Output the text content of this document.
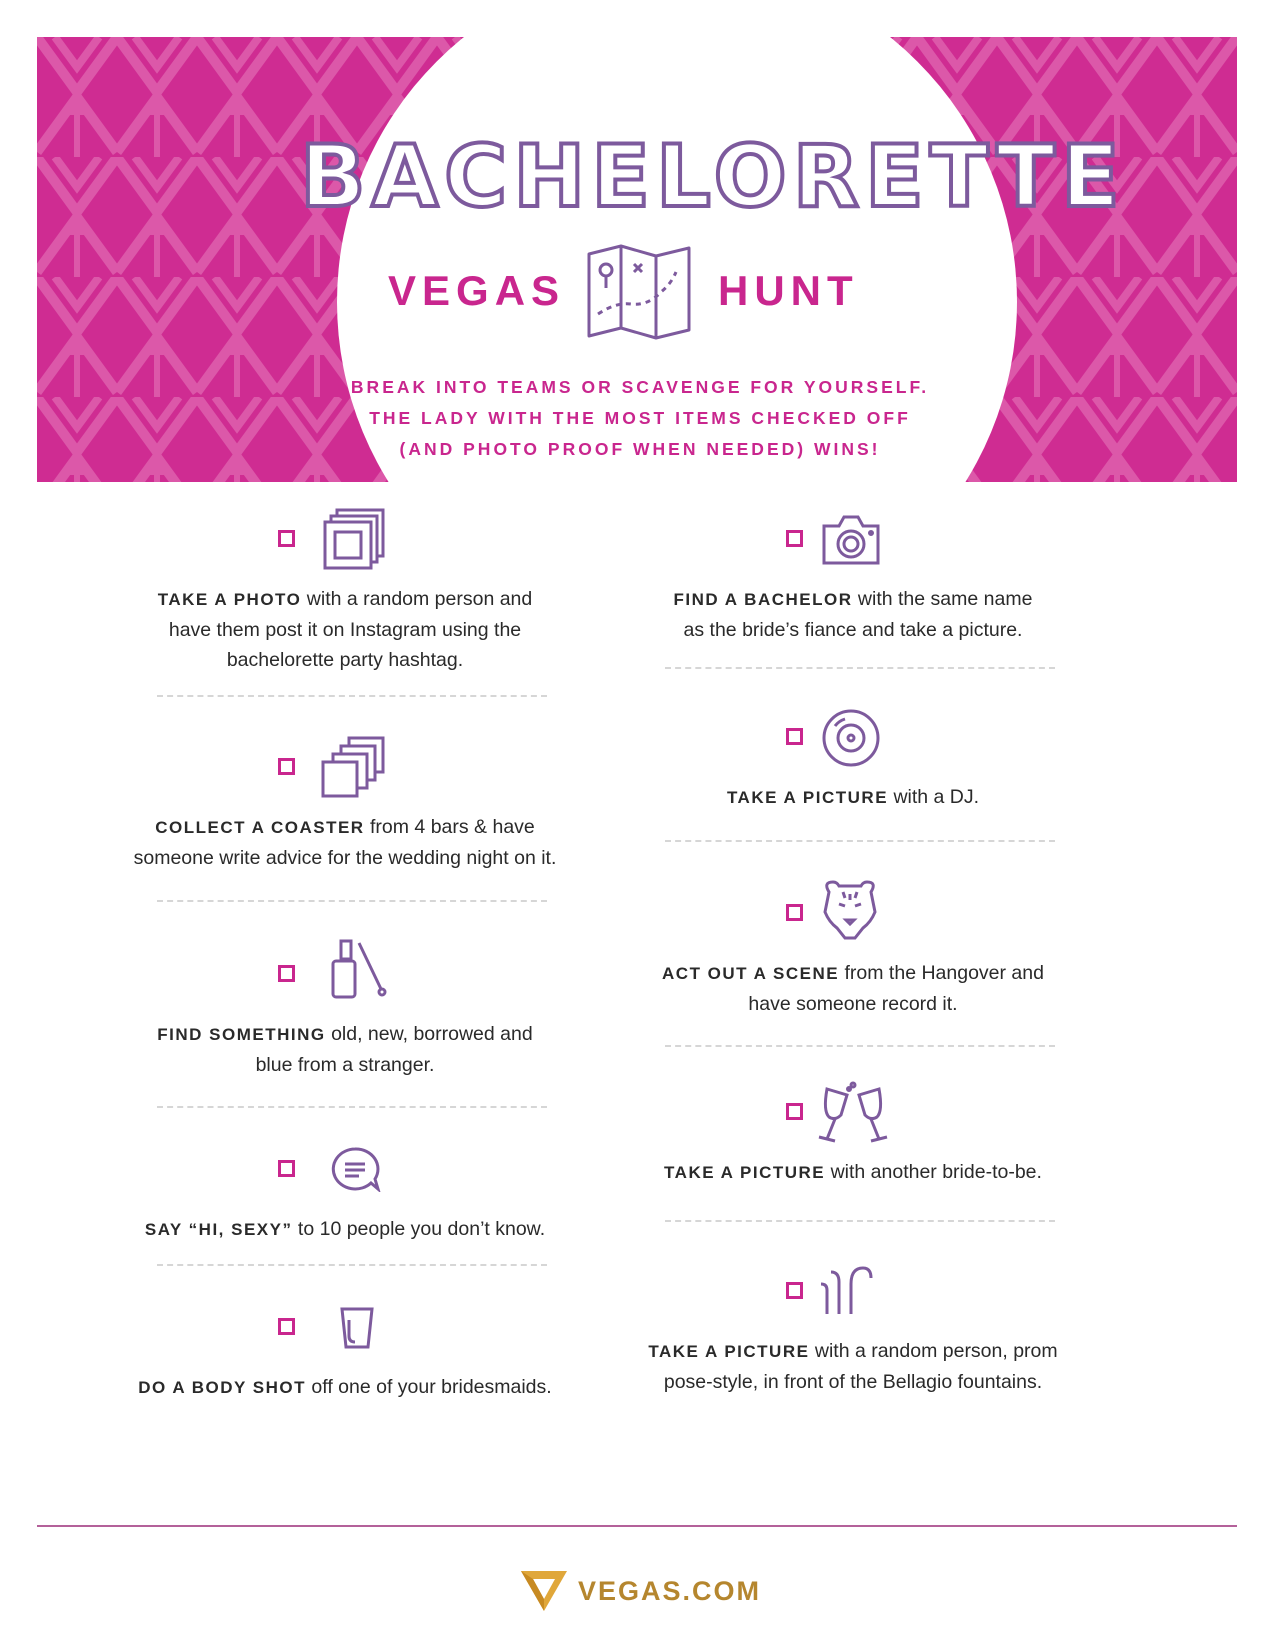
BACHELORETTE
VEGAS	HUNT
BREAK INTO TEAMS OR SCAVENGE FOR YOURSELF.
THE LADY WITH THE MOST ITEMS CHECKED OFF
(AND PHOTO PROOF WHEN NEEDED) WINS!
TAKE A PHOTO with a random person and
have them post it on Instagram using the
bachelorette party hashtag.
COLLECT A COASTER from 4 bars & have
someone write advice for the wedding night on it.
FIND SOMETHING old, new, borrowed and
blue from a stranger.
SAY “HI, SEXY” to 10 people you don’t know.
DO A BODY SHOT off one of your bridesmaids.
FIND A BACHELOR with the same name
as the bride’s fiance and take a picture.
TAKE A PICTURE with a DJ.
ACT OUT A SCENE from the Hangover and
have someone record it.
TAKE A PICTURE with another bride-to-be.
TAKE A PICTURE with a random person, prom
pose-style, in front of the Bellagio fountains.
VEGAS.COM
